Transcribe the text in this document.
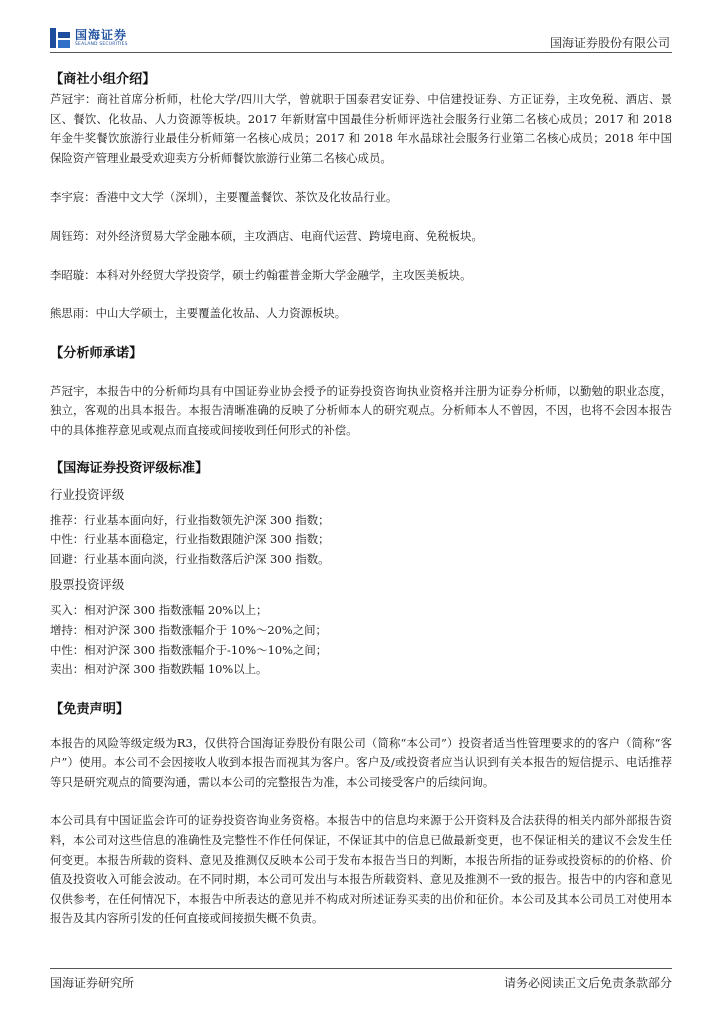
国海证券
SEALAND SECURITIES	国海证券股份有限公司
【商社小组介绍】

芦冠宇：商社首席分析师，杜伦大学/四川大学，曾就职于国泰君安证券、中信建投证券、方正证券，主攻免税、酒店、景区、餐饮、化妆品、人力资源等板块。2017 年新财富中国最佳分析师评选社会服务行业第二名核心成员；2017 和 2018 年金牛奖餐饮旅游行业最佳分析师第一名核心成员；2017 和 2018 年水晶球社会服务行业第二名核心成员；2018 年中国保险资产管理业最受欢迎卖方分析师餐饮旅游行业第二名核心成员。

李宇宸：香港中文大学（深圳），主要覆盖餐饮、茶饮及化妆品行业。

周钰筠：对外经济贸易大学金融本硕，主攻酒店、电商代运营、跨境电商、免税板块。

李昭璇：本科对外经贸大学投资学，硕士约翰霍普金斯大学金融学，主攻医美板块。

熊思雨：中山大学硕士，主要覆盖化妆品、人力资源板块。

【分析师承诺】

芦冠宇，本报告中的分析师均具有中国证券业协会授予的证券投资咨询执业资格并注册为证券分析师，以勤勉的职业态度，独立，客观的出具本报告。本报告清晰准确的反映了分析师本人的研究观点。分析师本人不曾因，不因，也将不会因本报告中的具体推荐意见或观点而直接或间接收到任何形式的补偿。

【国海证券投资评级标准】
行业投资评级
推荐：行业基本面向好，行业指数领先沪深 300 指数；
中性：行业基本面稳定，行业指数跟随沪深 300 指数；
回避：行业基本面向淡，行业指数落后沪深 300 指数。
股票投资评级
买入：相对沪深 300 指数涨幅 20%以上；
增持：相对沪深 300 指数涨幅介于 10%～20%之间；
中性：相对沪深 300 指数涨幅介于-10%～10%之间；
卖出：相对沪深 300 指数跌幅 10%以上。
【免责声明】

本报告的风险等级定级为R3，仅供符合国海证券股份有限公司（简称“本公司”）投资者适当性管理要求的的客户（简称“客户”）使用。本公司不会因接收人收到本报告而视其为客户。客户及/或投资者应当认识到有关本报告的短信提示、电话推荐等只是研究观点的简要沟通，需以本公司的完整报告为准，本公司接受客户的后续问询。

本公司具有中国证监会许可的证券投资咨询业务资格。本报告中的信息均来源于公开资料及合法获得的相关内部外部报告资料，本公司对这些信息的准确性及完整性不作任何保证，不保证其中的信息已做最新变更，也不保证相关的建议不会发生任何变更。本报告所载的资料、意见及推测仅反映本公司于发布本报告当日的判断，本报告所指的证券或投资标的的价格、价值及投资收入可能会波动。在不同时期，本公司可发出与本报告所载资料、意见及推测不一致的报告。报告中的内容和意见仅供参考，在任何情况下，本报告中所表达的意见并不构成对所述证券买卖的出价和征价。本公司及其本公司员工对使用本报告及其内容所引发的任何直接或间接损失概不负责。

国海证券研究所	请务必阅读正文后免责条款部分
